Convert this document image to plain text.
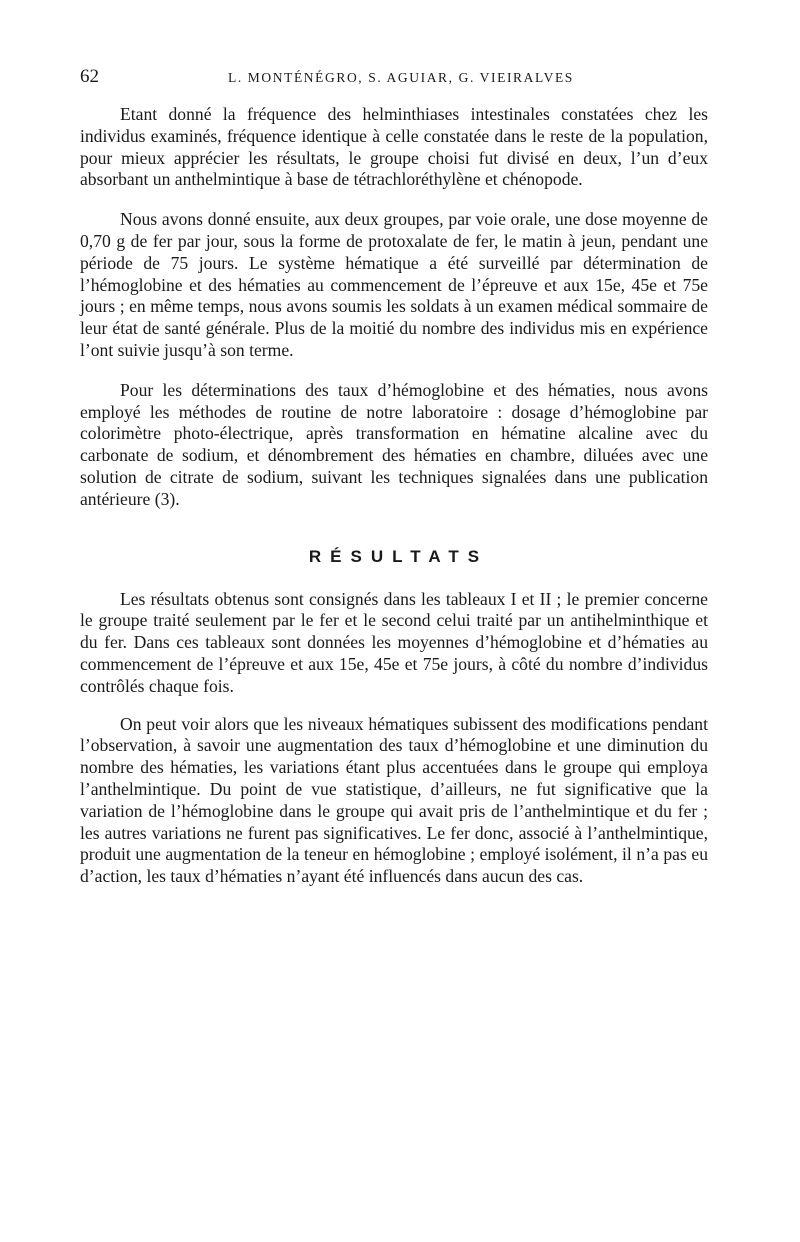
62	L. MONTÉNÉGRO, S. AGUIAR, G. VIEIRALVES

Etant donné la fréquence des helminthiases intestinales constatées chez les individus examinés, fréquence identique à celle constatée dans le reste de la population, pour mieux apprécier les résultats, le groupe choisi fut divisé en deux, l’un d’eux absorbant un anthelmintique à base de tétrachloréthylène et chénopode.

Nous avons donné ensuite, aux deux groupes, par voie orale, une dose moyenne de 0,70 g de fer par jour, sous la forme de protoxalate de fer, le matin à jeun, pendant une période de 75 jours. Le système hématique a été surveillé par détermination de l’hémoglobine et des hématies au commencement de l’épreuve et aux 15e, 45e et 75e jours ; en même temps, nous avons soumis les soldats à un examen médical sommaire de leur état de santé générale. Plus de la moitié du nombre des individus mis en expérience l’ont suivie jusqu’à son terme.

Pour les déterminations des taux d’hémoglobine et des hématies, nous avons employé les méthodes de routine de notre laboratoire : dosage d’hémoglobine par colorimètre photo-électrique, après transformation en hématine alcaline avec du carbonate de sodium, et dénombrement des hématies en chambre, diluées avec une solution de citrate de sodium, suivant les techniques signalées dans une publication antérieure (3).

RÉSULTATS

Les résultats obtenus sont consignés dans les tableaux I et II ; le premier concerne le groupe traité seulement par le fer et le second celui traité par un antihelminthique et du fer. Dans ces tableaux sont données les moyennes d’hémoglobine et d’hématies au commencement de l’épreuve et aux 15e, 45e et 75e jours, à côté du nombre d’individus contrôlés chaque fois.

On peut voir alors que les niveaux hématiques subissent des modifications pendant l’observation, à savoir une augmentation des taux d’hémoglobine et une diminution du nombre des hématies, les variations étant plus accentuées dans le groupe qui employa l’anthelmintique. Du point de vue statistique, d’ailleurs, ne fut significative que la variation de l’hémoglobine dans le groupe qui avait pris de l’anthelmintique et du fer ; les autres variations ne furent pas significatives. Le fer donc, associé à l’anthelmintique, produit une augmentation de la teneur en hémoglobine ; employé isolément, il n’a pas eu d’action, les taux d’hématies n’ayant été influencés dans aucun des cas.
